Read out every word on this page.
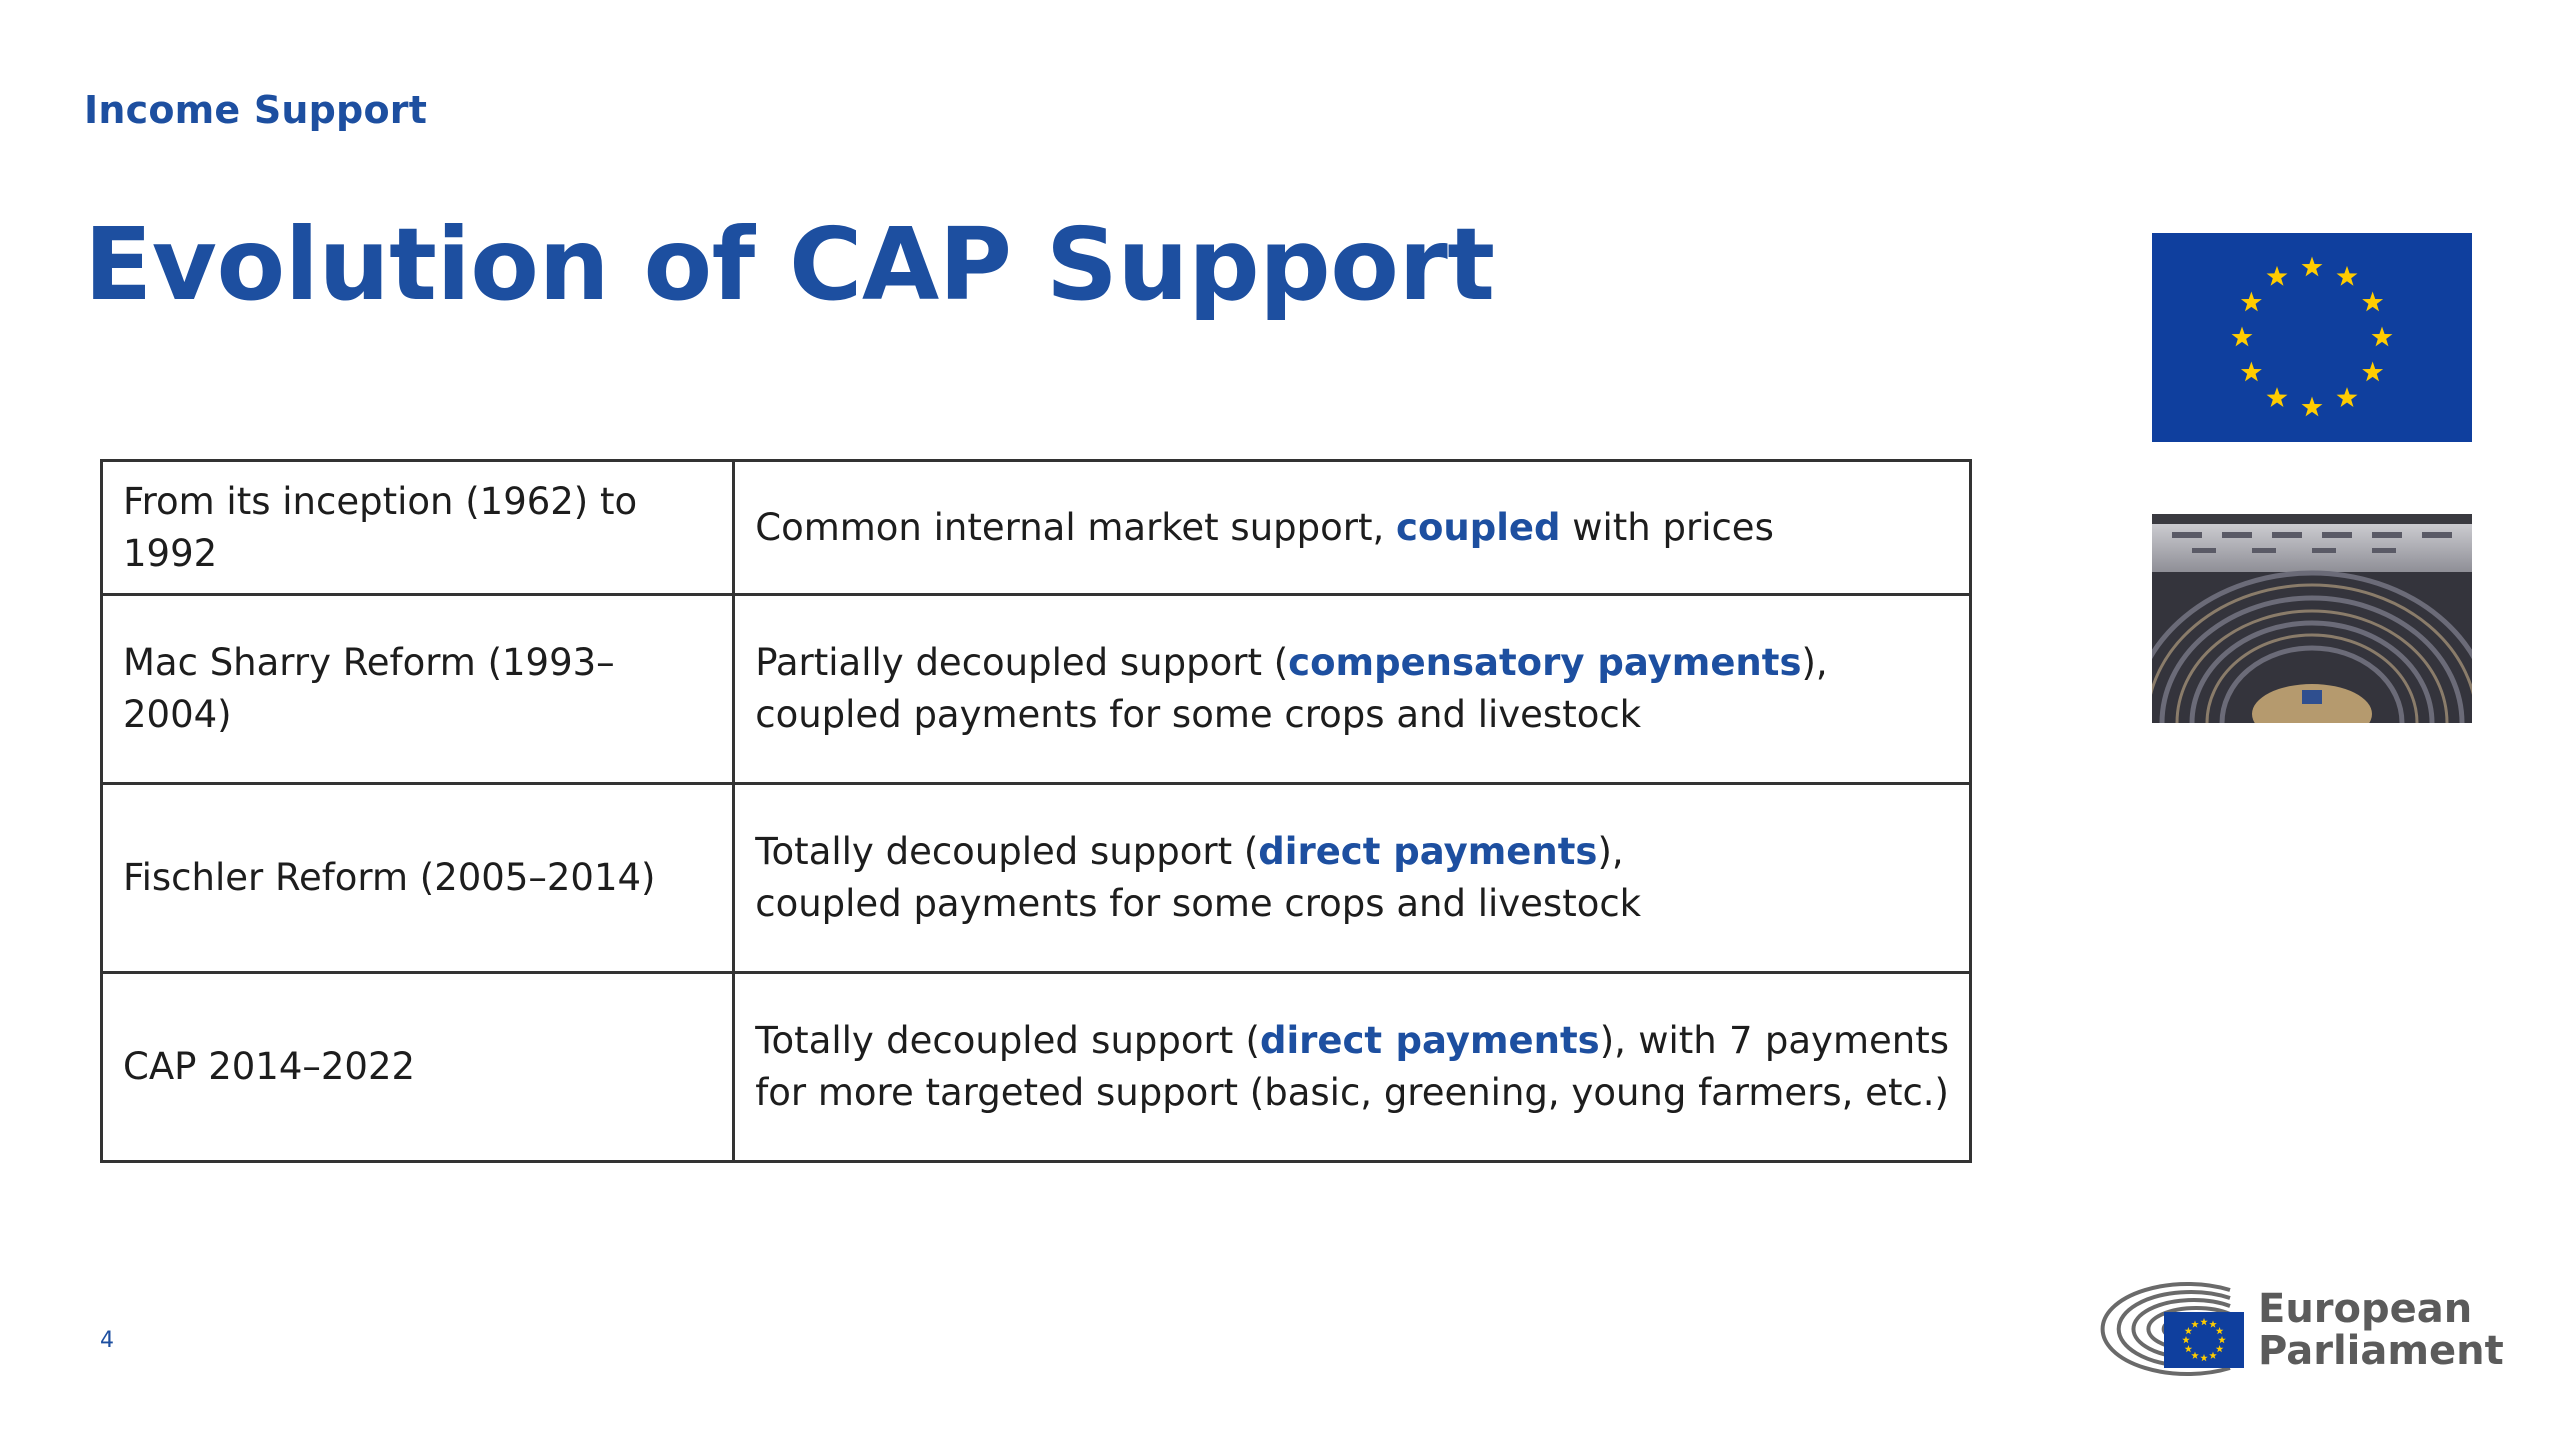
Income Support
Evolution of CAP Support
From its inception (1962) to 1992	Common internal market support, coupled with prices

Mac Sharry Reform (1993–2004)	Partially decoupled support (compensatory payments),
coupled payments for some crops and livestock

Fischler Reform (2005–2014)	Totally decoupled support (direct payments),
coupled payments for some crops and livestock

CAP 2014–2022	Totally decoupled support (direct payments), with 7 payments
for more targeted support (basic, greening, young farmers, etc.)
4
European
Parliament
